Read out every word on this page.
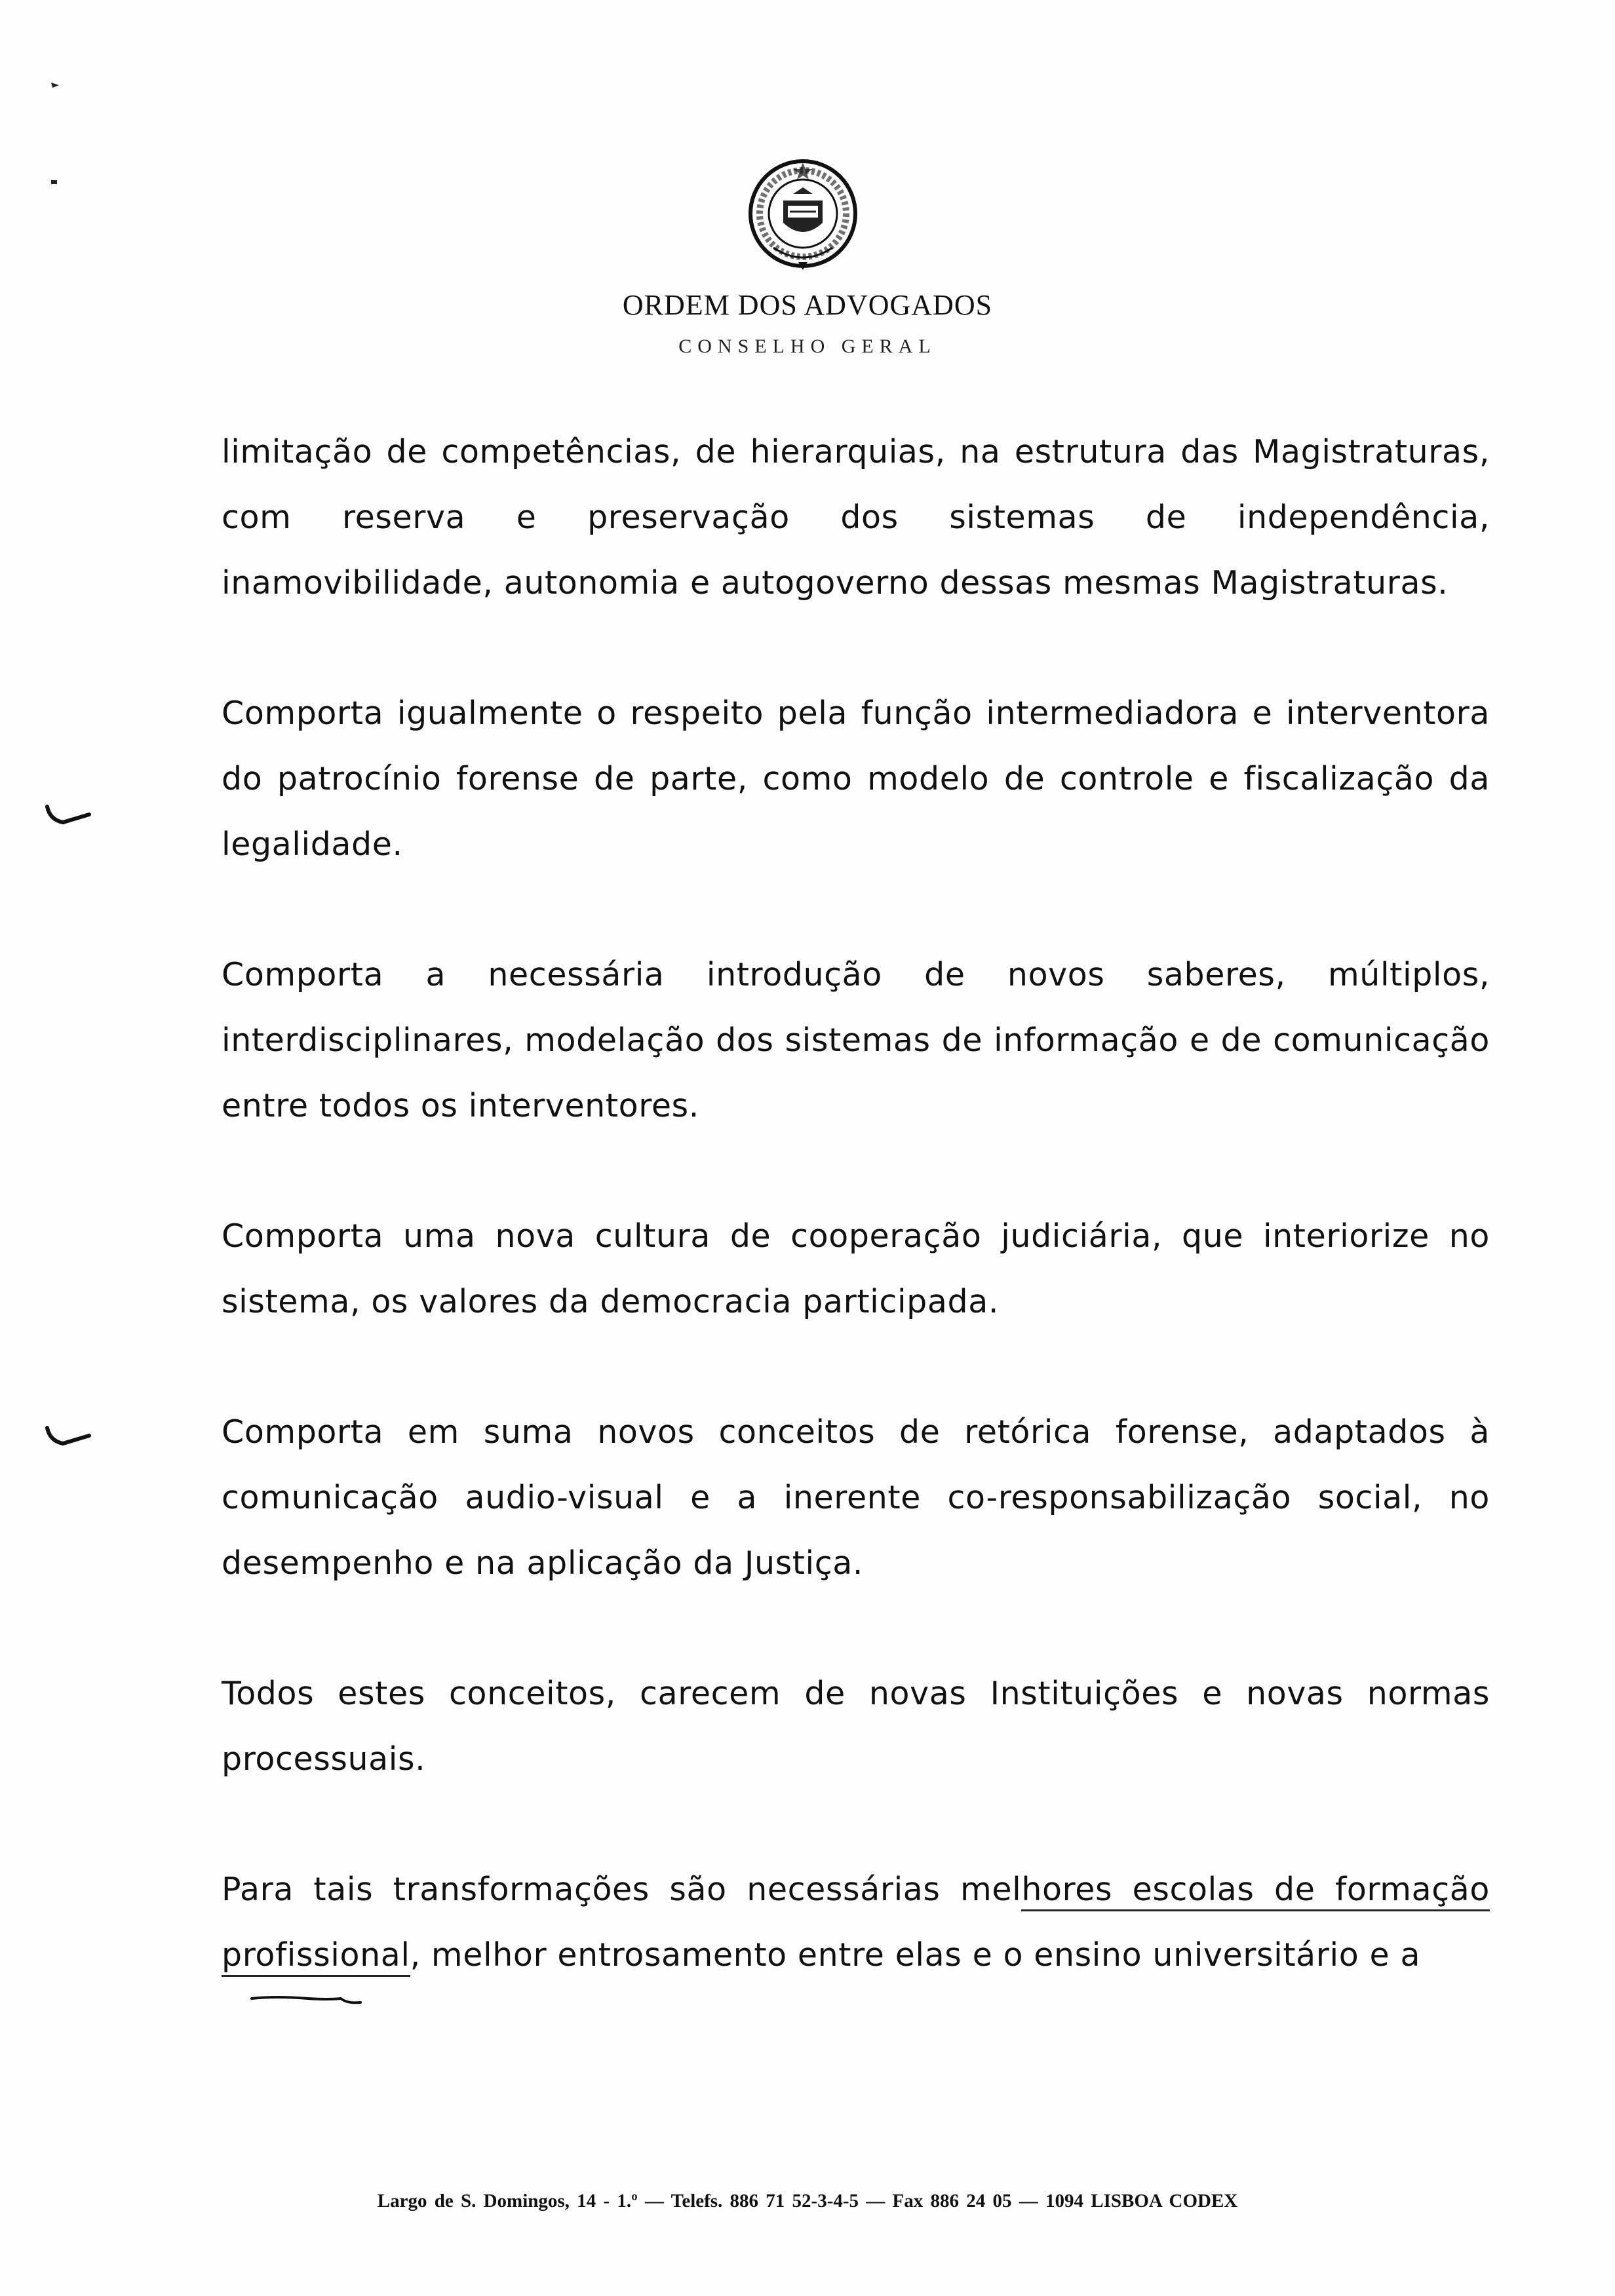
ORDEM DOS ADVOGADOS
CONSELHO GERAL

limitação de competências, de hierarquias, na estrutura das Magistraturas, com reserva e preservação dos sistemas de independência, inamovibilidade, autonomia e autogoverno dessas mesmas Magistraturas.

Comporta igualmente o respeito pela função intermediadora e interventora do patrocínio forense de parte, como modelo de controle e fiscalização da legalidade.

Comporta a necessária introdução de novos saberes, múltiplos, interdisciplinares, modelação dos sistemas de informação e de comunicação entre todos os interventores.

Comporta uma nova cultura de cooperação judiciária, que interiorize no sistema, os valores da democracia participada.

Comporta em suma novos conceitos de retórica forense, adaptados à comunicação audio-visual e a inerente co-responsabilização social, no desempenho e na aplicação da Justiça.

Todos estes conceitos, carecem de novas Instituições e novas normas processuais.

Para tais transformações são necessárias melhores escolas de formação profissional, melhor entrosamento entre elas e o ensino universitário e a

Largo de S. Domingos, 14 - 1.º — Telefs. 886 71 52-3-4-5 — Fax 886 24 05 — 1094 LISBOA CODEX
